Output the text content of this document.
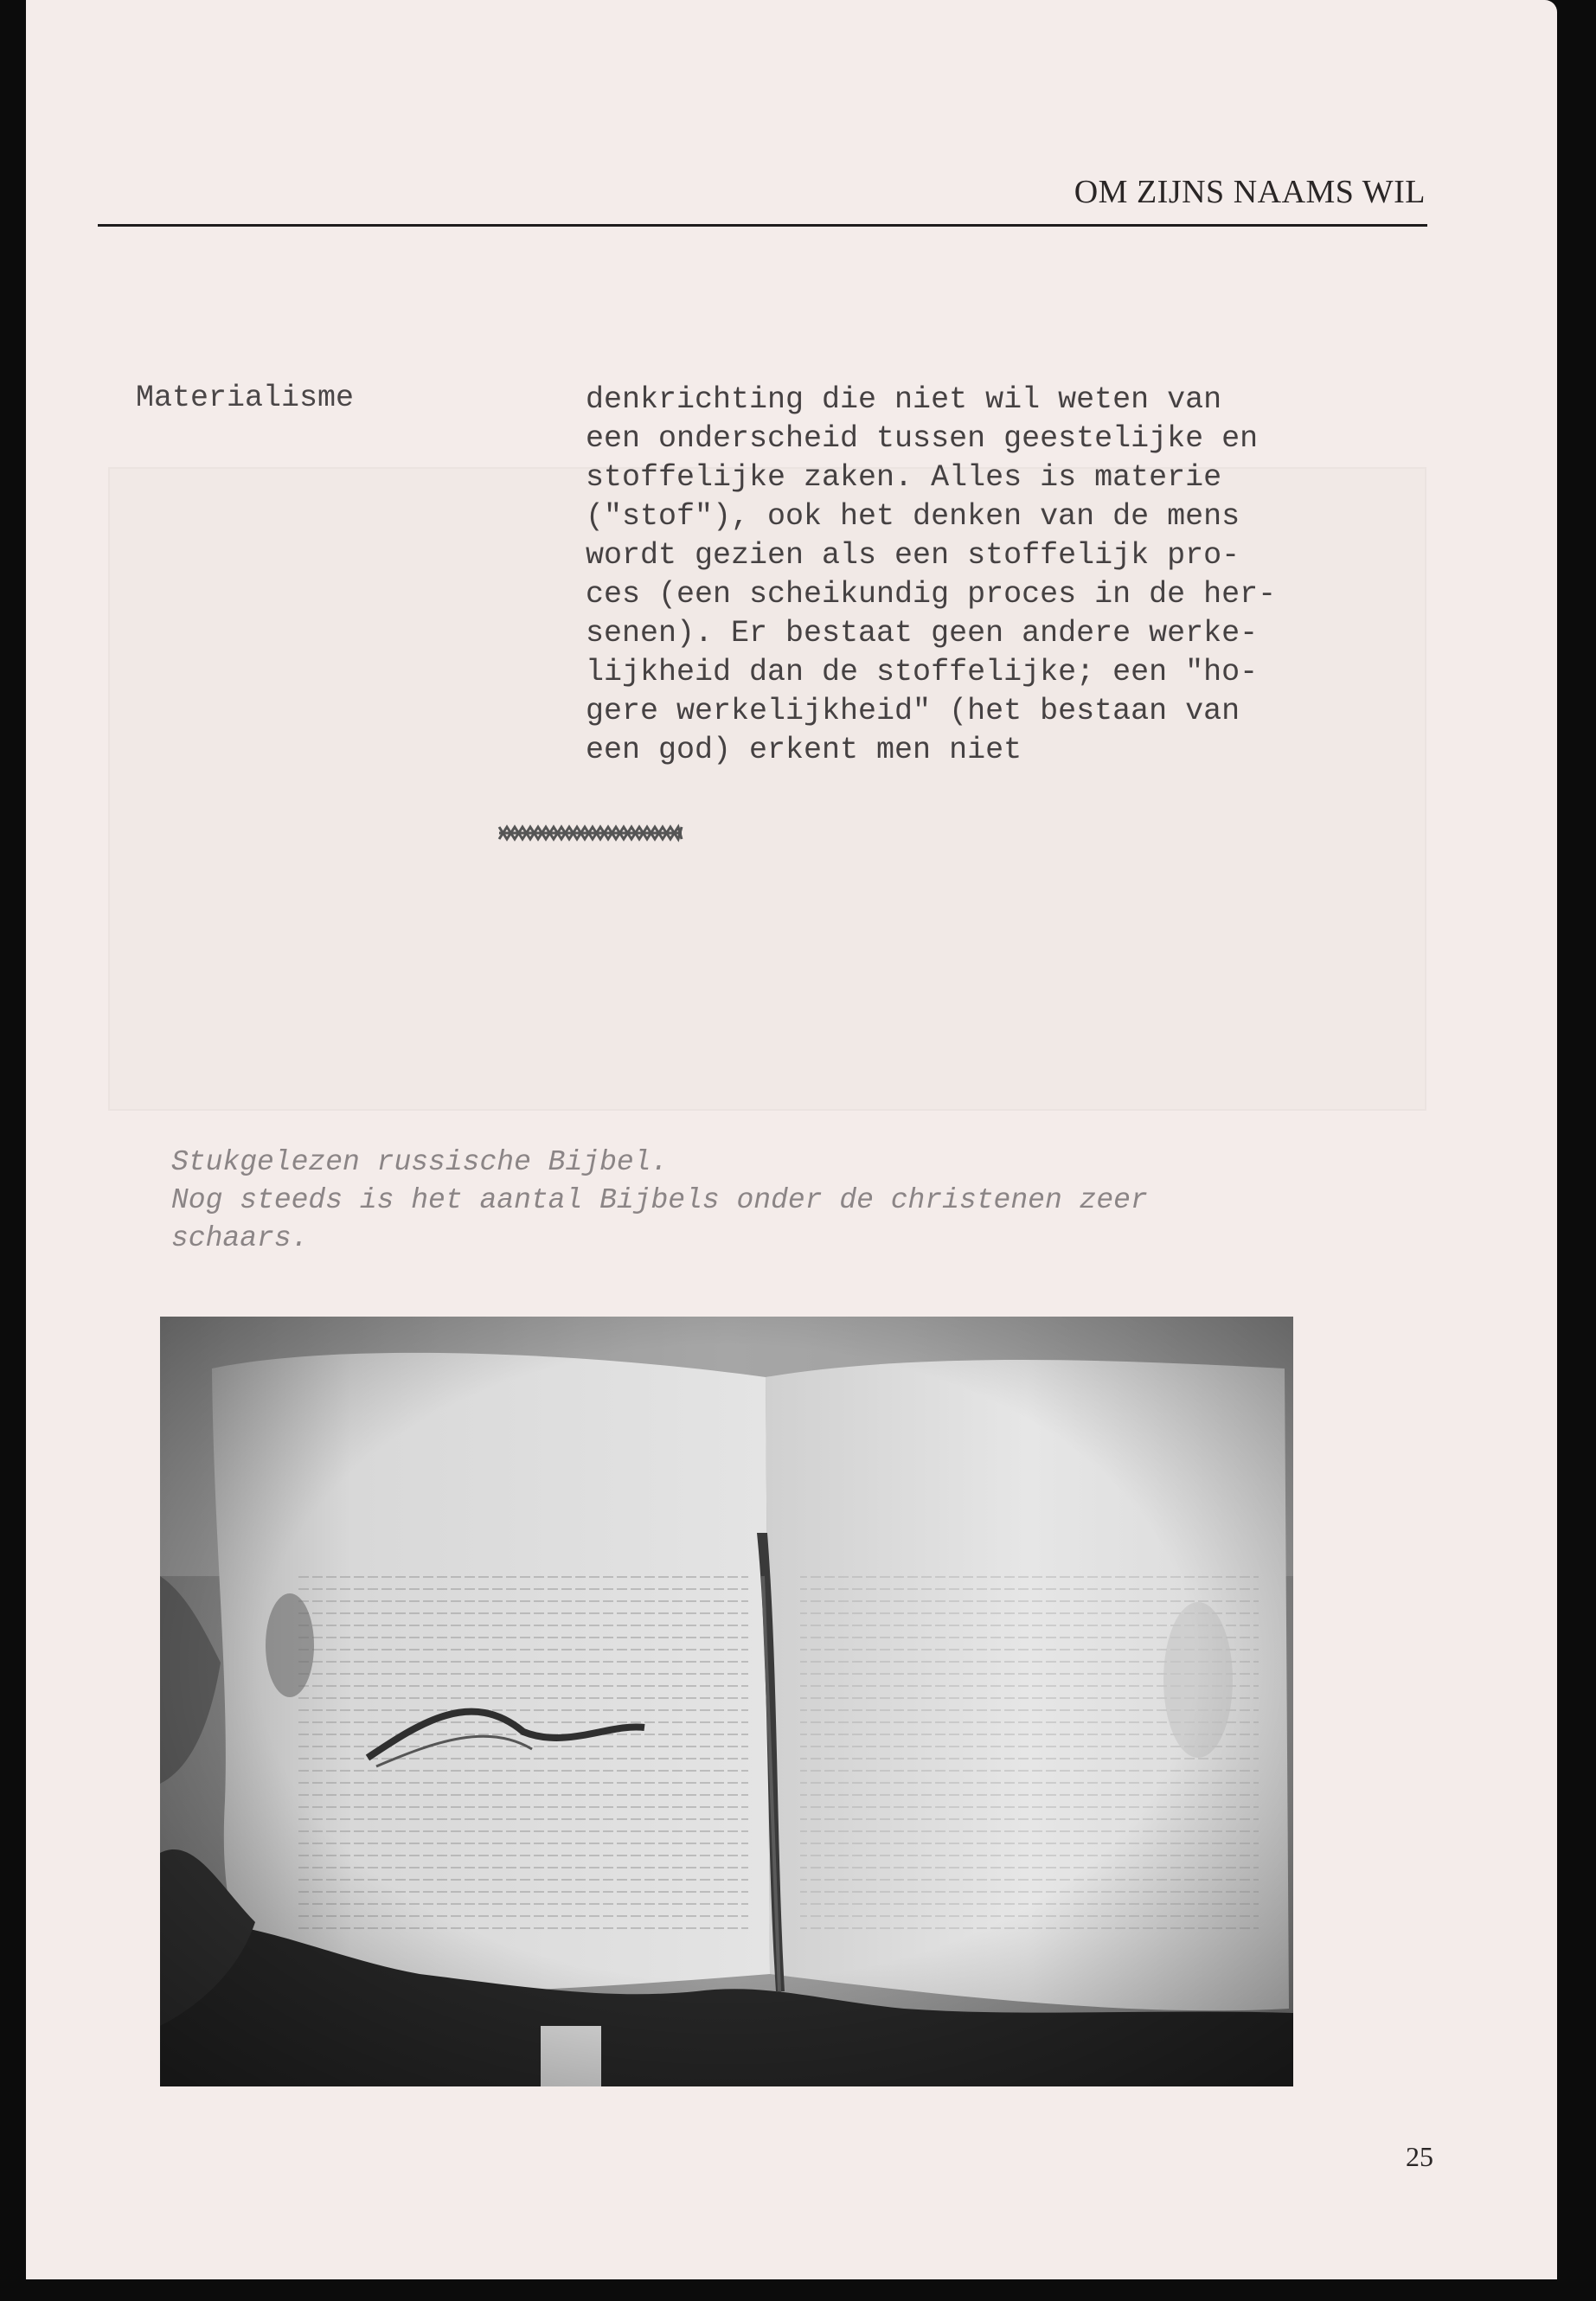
OM ZIJNS NAAMS WIL
Materialisme	denkrichting die niet wil weten van
een onderscheid tussen geestelijke en
stoffelijke zaken. Alles is materie
("stof"), ook het denken van de mens
wordt gezien als een stoffelijk pro-
ces (een scheikundig proces in de her-
senen). Er bestaat geen andere werke-
lijkheid dan de stoffelijke; een "ho-
gere werkelijkheid" (het bestaan van
een god) erkent men niet
Stukgelezen russische Bijbel.
Nog steeds is het aantal Bijbels onder de christenen zeer
schaars.
25
